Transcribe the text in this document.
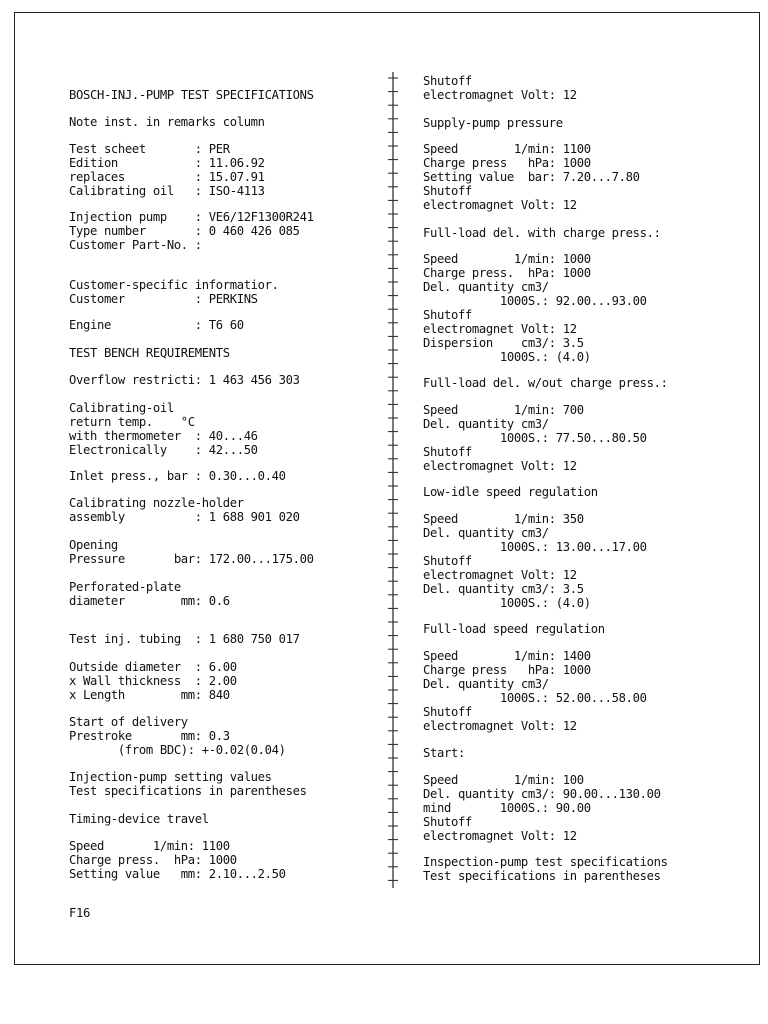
BOSCH-INJ.-PUMP TEST SPECIFICATIONS
Note inst. in remarks column
Test scheet       : PER
Edition           : 11.06.92
replaces          : 15.07.91
Calibrating oil   : ISO-4113
Injection pump    : VE6/12F1300R241
Type number       : 0 460 426 085
Customer Part-No. :
Customer-specific informatior.
Customer          : PERKINS
Engine            : T6 60
TEST BENCH REQUIREMENTS
Overflow restricti: 1 463 456 303
Calibrating-oil
return temp.    °C
with thermometer  : 40...46
Electronically    : 42...50
Inlet press., bar : 0.30...0.40
Calibrating nozzle-holder
assembly          : 1 688 901 020
Opening
Pressure       bar: 172.00...175.00
Perforated-plate
diameter        mm: 0.6
Test inj. tubing  : 1 680 750 017
Outside diameter  : 6.00
x Wall thickness  : 2.00
x Length        mm: 840
Start of delivery
Prestroke       mm: 0.3
(from BDC): +-0.02(0.04)
Injection-pump setting values
Test specifications in parentheses
Timing-device travel
Speed       1/min: 1100
Charge press.  hPa: 1000
Setting value   mm: 2.10...2.50
Shutoff
electromagnet Volt: 12
Supply-pump pressure
Speed        1/min: 1100
Charge press   hPa: 1000
Setting value  bar: 7.20...7.80
Shutoff
electromagnet Volt: 12
Full-load del. with charge press.:
Speed        1/min: 1000
Charge press.  hPa: 1000
Del. quantity cm3/
1000S.: 92.00...93.00
Shutoff
electromagnet Volt: 12
Dispersion    cm3/: 3.5
1000S.: (4.0)
Full-load del. w/out charge press.:
Speed        1/min: 700
Del. quantity cm3/
1000S.: 77.50...80.50
Shutoff
electromagnet Volt: 12
Low-idle speed regulation
Speed        1/min: 350
Del. quantity cm3/
1000S.: 13.00...17.00
Shutoff
electromagnet Volt: 12
Del. quantity cm3/: 3.5
1000S.: (4.0)
Full-load speed regulation
Speed        1/min: 1400
Charge press   hPa: 1000
Del. quantity cm3/
1000S.: 52.00...58.00
Shutoff
electromagnet Volt: 12
Start:
Speed        1/min: 100
Del. quantity cm3/: 90.00...130.00
mind       1000S.: 90.00
Shutoff
electromagnet Volt: 12
Inspection-pump test specifications
Test specifications in parentheses
F16
